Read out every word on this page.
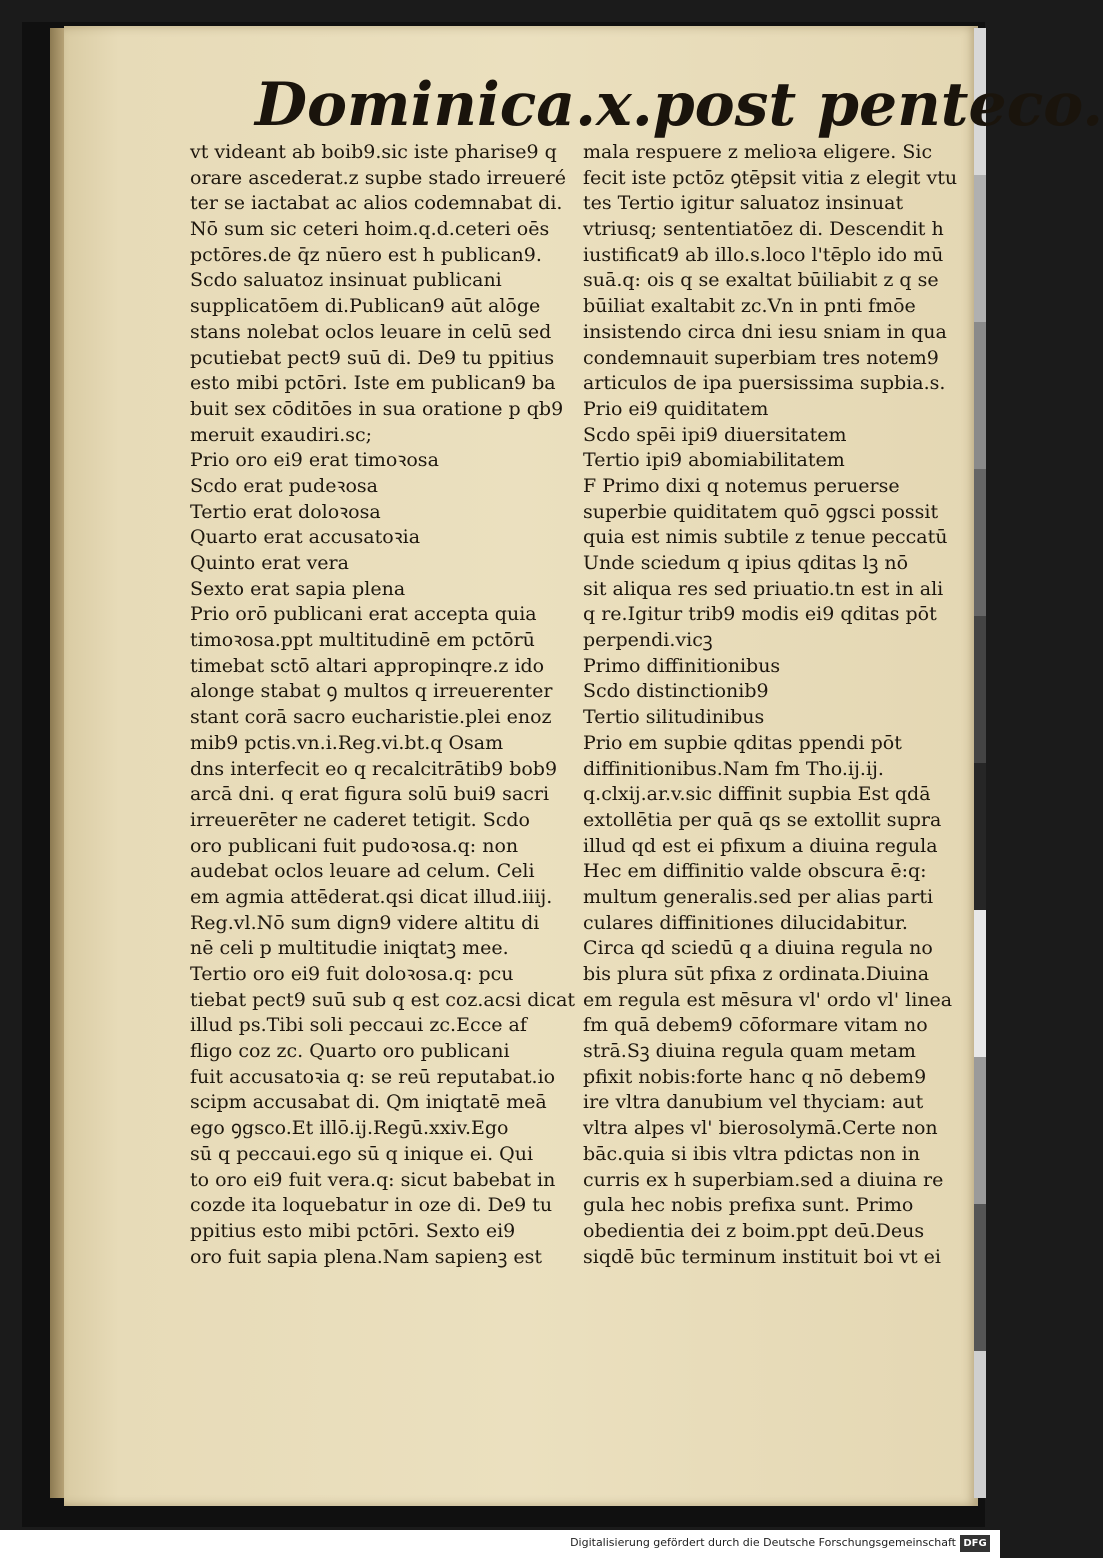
Dominica.x.post penteco.
vt videant ab boib9.sic iste pharise9 q
orare ascederat.z supbe stado irreueré
ter se iactabat ac alios codemnabat di.
Nō sum sic ceteri hoim.q.d.ceteri oēs
pctōres.de q̄z nūero est h publican9.
Scdo saluatoz insinuat publicani
supplicatōem di.Publican9 aūt alōge
stans nolebat oclos leuare in celū sed
pcutiebat pect9 suū di. De9 tu ppitius
esto mibi pctōri. Iste em publican9 ba
buit sex cōditōes in sua oratione p qb9
meruit exaudiri.sc;
Prio oro ei9 erat timoꝛosa
Scdo erat pudeꝛosa
Tertio erat doloꝛosa
Quarto erat accusatoꝛia
Quinto erat vera
Sexto erat sapia plena
Prio orō publicani erat accepta quia
timoꝛosa.ppt multitudinē em pctōrū
timebat sctō altari appropinqre.z ido
alonge stabat ꝯ multos q irreuerenter
stant corā sacro eucharistie.plei enoz
mib9 pctis.vn.i.Reg.vi.bt.q Osam
dns interfecit eo q recalcitrātib9 bob9
arcā dni. q erat figura solū bui9 sacri
irreuerēter ne caderet tetigit. Scdo
oro publicani fuit pudoꝛosa.q: non
audebat oclos leuare ad celum. Celi
em agmia attēderat.qsi dicat illud.iiij.
Reg.vl.Nō sum dign9 videre altitu di
nē celi p multitudie iniqtatꝫ mee.
Tertio oro ei9 fuit doloꝛosa.q: pcu
tiebat pect9 suū sub q est coz.acsi dicat
illud ps.Tibi soli peccaui zc.Ecce af
fligo coz zc. Quarto oro publicani
fuit accusatoꝛia q: se reū reputabat.io
scipm accusabat di. Qm iniqtatē meā
ego ꝯgsco.Et illō.ij.Regū.xxiv.Ego
sū q peccaui.ego sū q inique ei. Qui
to oro ei9 fuit vera.q: sicut babebat in
cozde ita loquebatur in oze di. De9 tu
ppitius esto mibi pctōri. Sexto ei9
oro fuit sapia plena.Nam sapienꝫ est
mala respuere z melioꝛa eligere. Sic
fecit iste pctōz ꝯtēpsit vitia z elegit vtu
tes Tertio igitur saluatoz insinuat
vtriusq; sententiatōez di. Descendit h
iustificat9 ab illo.s.loco l'tēplo ido mū
suā.q: ois q se exaltat būiliabit z q se
būiliat exaltabit zc.Vn in pnti fmōe
insistendo circa dni iesu sniam in qua
condemnauit superbiam tres notem9
articulos de ipa puersissima supbia.s.
Prio ei9 quiditatem
Scdo spēi ipi9 diuersitatem
Tertio ipi9 abomiabilitatem
F Primo dixi q notemus peruerse
superbie quiditatem quō ꝯgsci possit
quia est nimis subtile z tenue peccatū
Unde sciedum q ipius qditas lꝫ nō
sit aliqua res sed priuatio.tn est in ali
q re.Igitur trib9 modis ei9 qditas pōt
perpendi.vicꝫ
Primo diffinitionibus
Scdo distinctionib9
Tertio silitudinibus
Prio em supbie qditas ppendi pōt
diffinitionibus.Nam fm Tho.ij.ij.
q.clxij.ar.v.sic diffinit supbia Est qdā
extollētia per quā qs se extollit supra
illud qd est ei pfixum a diuina regula
Hec em diffinitio valde obscura ē:q:
multum generalis.sed per alias parti
culares diffinitiones dilucidabitur.
Circa qd sciedū q a diuina regula no
bis plura sūt pfixa z ordinata.Diuina
em regula est mēsura vl' ordo vl' linea
fm quā debem9 cōformare vitam no
strā.Sꝫ diuina regula quam metam
pfixit nobis:forte hanc q nō debem9
ire vltra danubium vel thyciam: aut
vltra alpes vl' bierosolymā.Certe non
bāc.quia si ibis vltra pdictas non in
curris ex h superbiam.sed a diuina re
gula hec nobis prefixa sunt. Primo
obedientia dei z boim.ppt deū.Deus
siqdē būc terminum instituit boi vt ei
Digitalisierung gefördert durch die Deutsche Forschungsgemeinschaft DFG
